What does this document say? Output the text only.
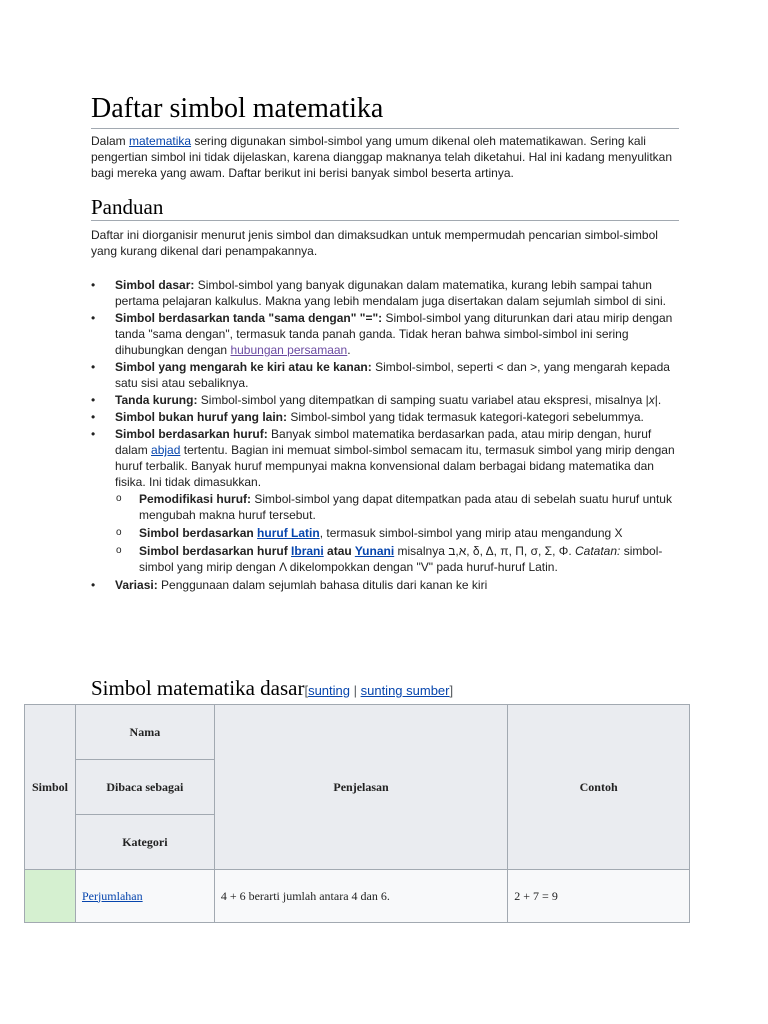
Daftar simbol matematika
Dalam matematika sering digunakan simbol-simbol yang umum dikenal oleh matematikawan. Sering kali pengertian simbol ini tidak dijelaskan, karena dianggap maknanya telah diketahui. Hal ini kadang menyulitkan bagi mereka yang awam. Daftar berikut ini berisi banyak simbol beserta artinya.
Panduan
Daftar ini diorganisir menurut jenis simbol dan dimaksudkan untuk mempermudah pencarian simbol-simbol yang kurang dikenal dari penampakannya.
• Simbol dasar: Simbol-simbol yang banyak digunakan dalam matematika, kurang lebih sampai tahun pertama pelajaran kalkulus. Makna yang lebih mendalam juga disertakan dalam sejumlah simbol di sini.
• Simbol berdasarkan tanda "sama dengan" "=": Simbol-simbol yang diturunkan dari atau mirip dengan tanda "sama dengan", termasuk tanda panah ganda. Tidak heran bahwa simbol-simbol ini sering dihubungkan dengan hubungan persamaan.
• Simbol yang mengarah ke kiri atau ke kanan: Simbol-simbol, seperti < dan >, yang mengarah kepada satu sisi atau sebaliknya.
• Tanda kurung: Simbol-simbol yang ditempatkan di samping suatu variabel atau ekspresi, misalnya |x|.
• Simbol bukan huruf yang lain: Simbol-simbol yang tidak termasuk kategori-kategori sebelummya.
• Simbol berdasarkan huruf: Banyak simbol matematika berdasarkan pada, atau mirip dengan, huruf dalam abjad tertentu. Bagian ini memuat simbol-simbol semacam itu, termasuk simbol yang mirip dengan huruf terbalik. Banyak huruf mempunyai makna konvensional dalam berbagai bidang matematika dan fisika. Ini tidak dimasukkan.
o Pemodifikasi huruf: Simbol-simbol yang dapat ditempatkan pada atau di sebelah suatu huruf untuk mengubah makna huruf tersebut.
o Simbol berdasarkan huruf Latin, termasuk simbol-simbol yang mirip atau mengandung X
o Simbol berdasarkan huruf Ibrani atau Yunani misalnya א,ב, δ, Δ, π, Π, σ, Σ, Φ. Catatan: simbol-simbol yang mirip dengan Λ dikelompokkan dengan "V" pada huruf-huruf Latin.
• Variasi: Penggunaan dalam sejumlah bahasa ditulis dari kanan ke kiri
Simbol matematika dasar[sunting | sunting sumber]
Simbol	Nama	Penjelasan	Contoh
	Dibaca sebagai		
	Kategori		
	Perjumlahan	4 + 6 berarti jumlah antara 4 dan 6.	2 + 7 = 9
